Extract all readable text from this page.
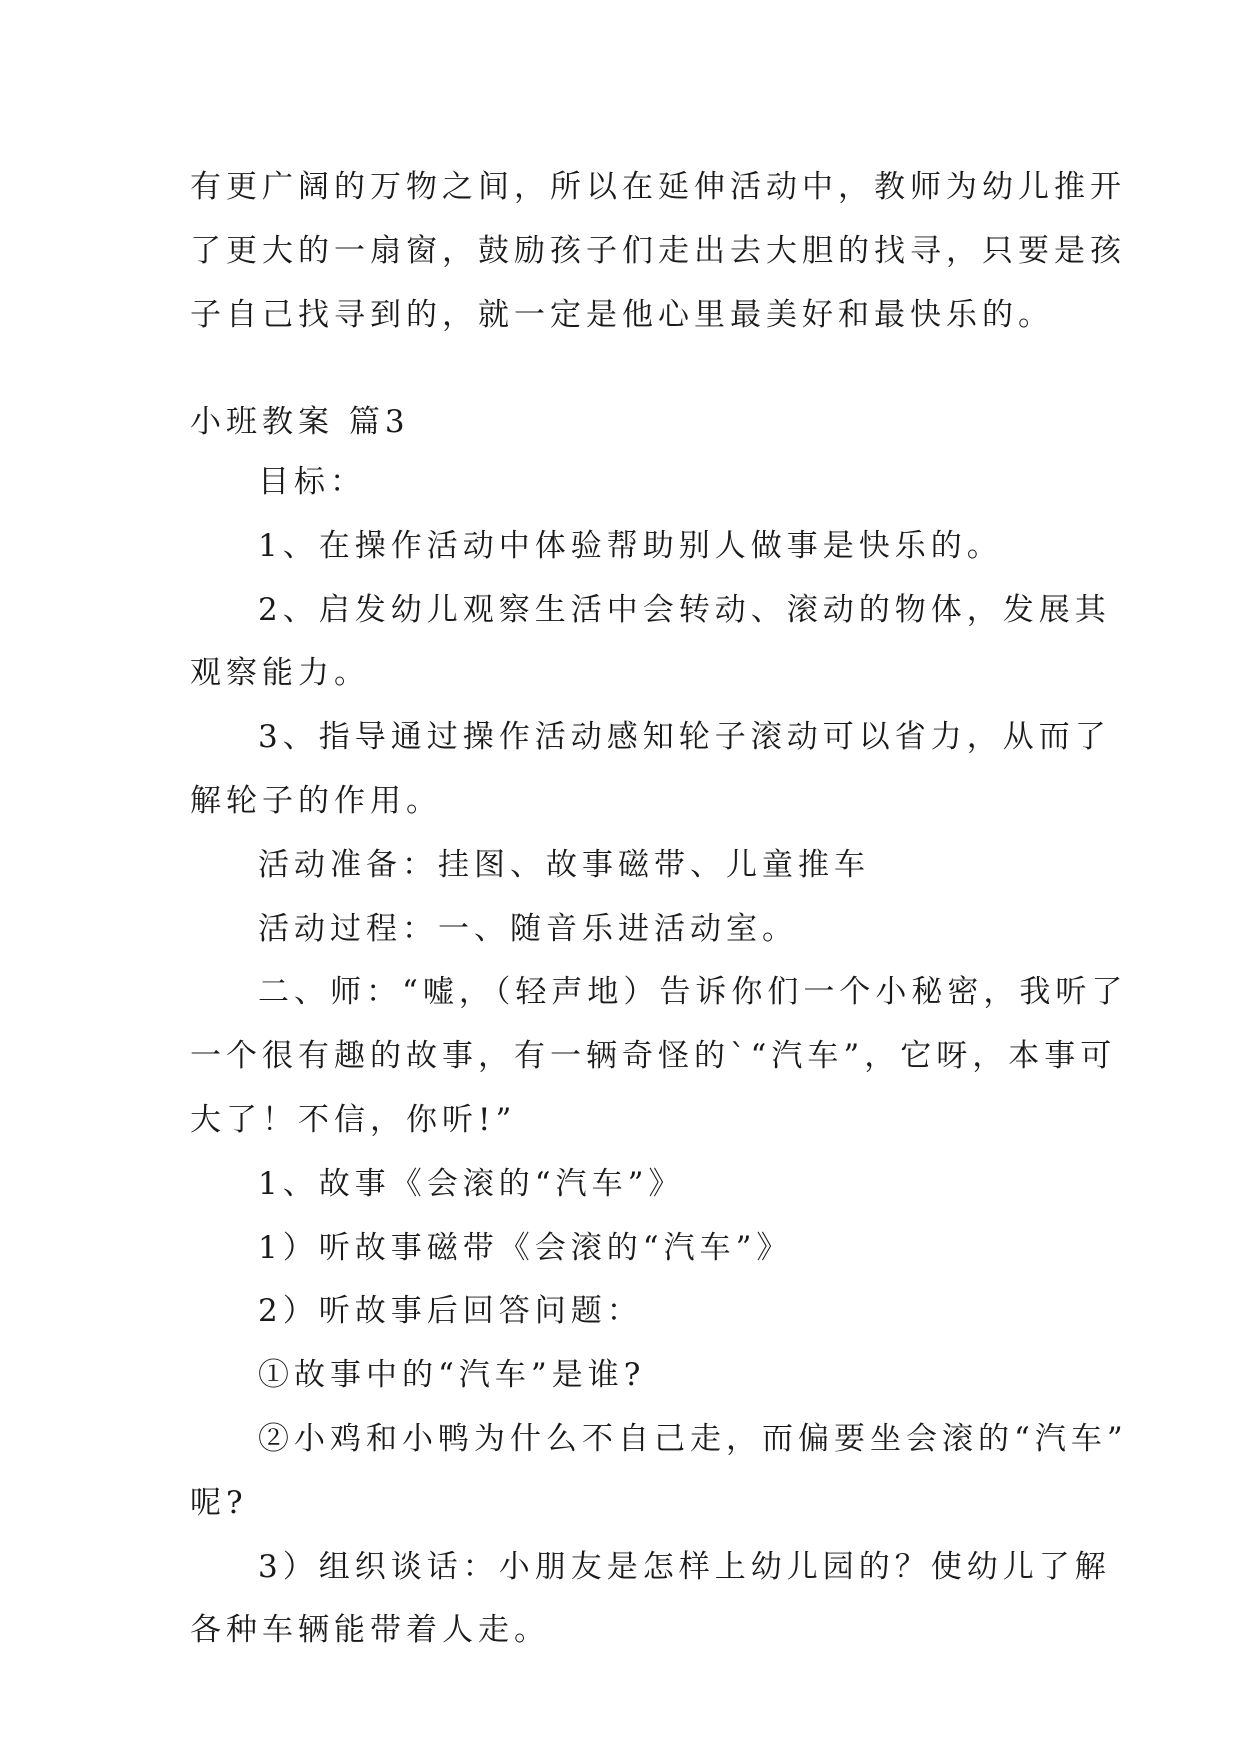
有更广阔的万物之间，所以在延伸活动中，教师为幼儿推开
了更大的一扇窗，鼓励孩子们走出去大胆的找寻，只要是孩
子自己找寻到的，就一定是他心里最美好和最快乐的。
小班教案 篇3
目标：
1、在操作活动中体验帮助别人做事是快乐的。
2、启发幼儿观察生活中会转动、滚动的物体，发展其
观察能力。
3、指导通过操作活动感知轮子滚动可以省力，从而了
解轮子的作用。
活动准备：挂图、故事磁带、儿童推车
活动过程：一、随音乐进活动室。
二、师：“嘘，（轻声地）告诉你们一个小秘密，我听了
一个很有趣的故事，有一辆奇怪的`“汽车”，它呀，本事可
大了！不信，你听!”
1、故事《会滚的“汽车”》
1）听故事磁带《会滚的“汽车”》
2）听故事后回答问题：
①故事中的“汽车”是谁?
②小鸡和小鸭为什么不自己走，而偏要坐会滚的“汽车”
呢?
3）组织谈话：小朋友是怎样上幼儿园的？使幼儿了解
各种车辆能带着人走。
